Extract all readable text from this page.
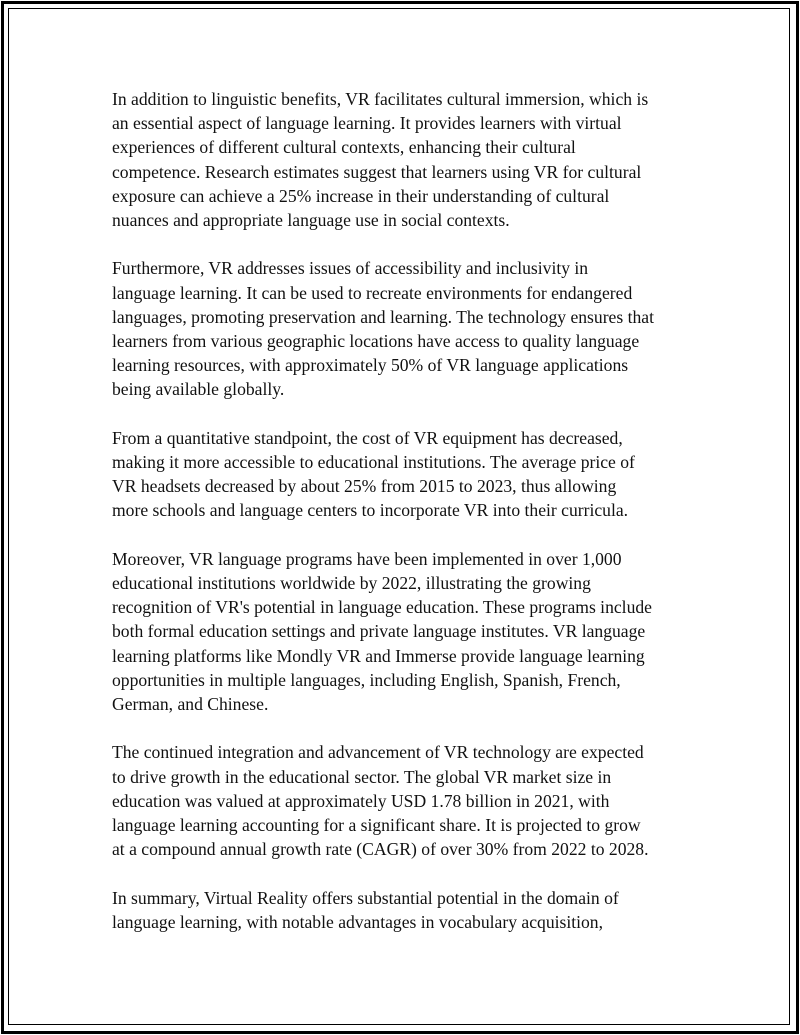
In addition to linguistic benefits, VR facilitates cultural immersion, which is
an essential aspect of language learning. It provides learners with virtual
experiences of different cultural contexts, enhancing their cultural
competence. Research estimates suggest that learners using VR for cultural
exposure can achieve a 25% increase in their understanding of cultural
nuances and appropriate language use in social contexts.

Furthermore, VR addresses issues of accessibility and inclusivity in
language learning. It can be used to recreate environments for endangered
languages, promoting preservation and learning. The technology ensures that
learners from various geographic locations have access to quality language
learning resources, with approximately 50% of VR language applications
being available globally.

From a quantitative standpoint, the cost of VR equipment has decreased,
making it more accessible to educational institutions. The average price of
VR headsets decreased by about 25% from 2015 to 2023, thus allowing
more schools and language centers to incorporate VR into their curricula.

Moreover, VR language programs have been implemented in over 1,000
educational institutions worldwide by 2022, illustrating the growing
recognition of VR's potential in language education. These programs include
both formal education settings and private language institutes. VR language
learning platforms like Mondly VR and Immerse provide language learning
opportunities in multiple languages, including English, Spanish, French,
German, and Chinese.

The continued integration and advancement of VR technology are expected
to drive growth in the educational sector. The global VR market size in
education was valued at approximately USD 1.78 billion in 2021, with
language learning accounting for a significant share. It is projected to grow
at a compound annual growth rate (CAGR) of over 30% from 2022 to 2028.

In summary, Virtual Reality offers substantial potential in the domain of
language learning, with notable advantages in vocabulary acquisition,
